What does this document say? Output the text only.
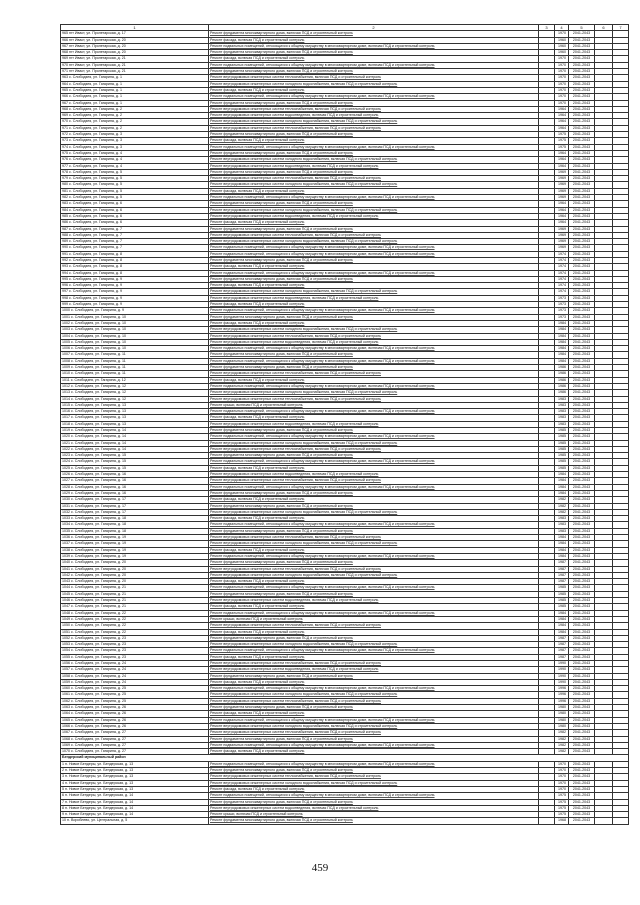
1	2	3	4	5	6	7
965 пгт Иваст, ул. Пролетарская, д. 17	Ремонт фундамента многоквартирного дома, включая ПСД и строительный контроль		1970	2041-2043		
966 пгт Иваст, ул. Пролетарская, д. 20	Ремонт фасада, включая ПСД и строительный контроль		1960	2041-2043		
967 пгт Иваст, ул. Пролетарская, д. 20	Ремонт подвальных помещений, относящихся к общему имуществу в многоквартирном доме, включая ПСД и строительный контроль		1960	2041-2043		
968 пгт Иваст, ул. Пролетарская, д. 20	Ремонт фундамента многоквартирного дома, включая ПСД и строительный контроль		1960	2041-2043		
969 пгт Иваст, ул. Пролетарская, д. 21	Ремонт фасада, включая ПСД и строительный контроль		1970	2041-2043		
970 пгт Иваст, ул. Пролетарская, д. 21	Ремонт подвальных помещений, относящихся к общему имуществу в многоквартирном доме, включая ПСД и строительный контроль		1970	2041-2043		
971 пгт Иваст, ул. Пролетарская, д. 21	Ремонт фундамента многоквартирного дома, включая ПСД и строительный контроль		1970	2041-2043		
963 с. Слободзея, ул. Гагарина, д. 1	Ремонт внутридомовых инженерных систем теплоснабжения, включая ПСД и строительный контроль		1970	2041-2043		
964 с. Слободзея, ул. Гагарина, д. 1	Ремонт внутридомовых инженерных систем холодного водоснабжения, включая ПСД и строительный контроль		1970	2041-2043		
965 с. Слободзея, ул. Гагарина, д. 1	Ремонт фасада, включая ПСД и строительный контроль		1970	2041-2043		
966 с. Слободзея, ул. Гагарина, д. 1	Ремонт подвальных помещений, относящихся к общему имуществу в многоквартирном доме, включая ПСД и строительный контроль		1970	2041-2043		
967 с. Слободзея, ул. Гагарина, д. 1	Ремонт фундамента многоквартирного дома, включая ПСД и строительный контроль		1970	2041-2043		
968 с. Слободзея, ул. Гагарина, д. 2	Ремонт внутридомовых инженерных систем теплоснабжения, включая ПСД и строительный контроль		1964	2041-2043		
969 с. Слободзея, ул. Гагарина, д. 2	Ремонт внутридомовых инженерных систем водоотведения, включая ПСД и строительный контроль		1964	2041-2043		
970 с. Слободзея, ул. Гагарина, д. 2	Ремонт внутридомовых инженерных систем холодного водоснабжения, включая ПСД и строительный контроль		1964	2041-2043		
971 с. Слободзея, ул. Гагарина, д. 2	Ремонт внутридомовых инженерных систем теплоснабжения, включая ПСД и строительный контроль		1964	2041-2043		
972 с. Слободзея, ул. Гагарина, д. 3	Ремонт фундамента многоквартирного дома, включая ПСД и строительный контроль		1975	2041-2043		
973 с. Слободзея, ул. Гагарина, д. 3	Ремонт фасада, включая ПСД и строительный контроль		1975	2041-2043		
974 с. Слободзея, ул. Гагарина, д. 3	Ремонт подвальных помещений, относящихся к общему имуществу в многоквартирном доме, включая ПСД и строительный контроль		1975	2041-2043		
975 с. Слободзея, ул. Гагарина, д. 4	Ремонт фундамента многоквартирного дома, включая ПСД и строительный контроль		1964	2041-2043		
976 с. Слободзея, ул. Гагарина, д. 4	Ремонт внутридомовых инженерных систем холодного водоснабжения, включая ПСД и строительный контроль		1964	2041-2043		
977 с. Слободзея, ул. Гагарина, д. 4	Ремонт внутридомовых инженерных систем водоотведения, включая ПСД и строительный контроль		1964	2041-2043		
978 с. Слободзея, ул. Гагарина, д. 5	Ремонт фундамента многоквартирного дома, включая ПСД и строительный контроль		1969	2041-2043		
979 с. Слободзея, ул. Гагарина, д. 5	Ремонт внутридомовых инженерных систем теплоснабжения, включая ПСД и строительный контроль		1969	2041-2043		
980 с. Слободзея, ул. Гагарина, д. 5	Ремонт внутридомовых инженерных систем холодного водоснабжения, включая ПСД и строительный контроль		1969	2041-2043		
981 с. Слободзея, ул. Гагарина, д. 5	Ремонт фасада, включая ПСД и строительный контроль		1969	2041-2043		
982 с. Слободзея, ул. Гагарина, д. 5	Ремонт подвальных помещений, относящихся к общему имуществу в многоквартирном доме, включая ПСД и строительный контроль		1969	2041-2043		
983 с. Слободзея, ул. Гагарина, д. 6	Ремонт фундамента многоквартирного дома, включая ПСД и строительный контроль		1964	2041-2043		
984 с. Слободзея, ул. Гагарина, д. 6	Ремонт внутридомовых инженерных систем холодного водоснабжения, включая ПСД и строительный контроль		1964	2041-2043		
985 с. Слободзея, ул. Гагарина, д. 6	Ремонт внутридомовых инженерных систем водоотведения, включая ПСД и строительный контроль		1964	2041-2043		
986 с. Слободзея, ул. Гагарина, д. 6	Ремонт фасада, включая ПСД и строительный контроль		1964	2041-2043		
987 с. Слободзея, ул. Гагарина, д. 7	Ремонт фундамента многоквартирного дома, включая ПСД и строительный контроль		1969	2041-2043		
988 с. Слободзея, ул. Гагарина, д. 7	Ремонт внутридомовых инженерных систем теплоснабжения, включая ПСД и строительный контроль		1969	2041-2043		
989 с. Слободзея, ул. Гагарина, д. 7	Ремонт внутридомовых инженерных систем холодного водоснабжения, включая ПСД и строительный контроль		1969	2041-2043		
990 с. Слободзея, ул. Гагарина, д. 7	Ремонт подвальных помещений, относящихся к общему имуществу в многоквартирном доме, включая ПСД и строительный контроль		1969	2041-2043		
991 с. Слободзея, ул. Гагарина, д. 8	Ремонт подвальных помещений, относящихся к общему имуществу в многоквартирном доме, включая ПСД и строительный контроль		1974	2041-2043		
992 с. Слободзея, ул. Гагарина, д. 8	Ремонт фундамента многоквартирного дома, включая ПСД и строительный контроль		1974	2041-2043		
993 с. Слободзея, ул. Гагарина, д. 8	Ремонт фасада, включая ПСД и строительный контроль		1974	2041-2043		
994 с. Слободзея, ул. Гагарина, д. 8	Ремонт подвальных помещений, относящихся к общему имуществу в многоквартирном доме, включая ПСД и строительный контроль		1974	2041-2043		
995 с. Слободзея, ул. Гагарина, д. 9	Ремонт фундамента многоквартирного дома, включая ПСД и строительный контроль		1974	2041-2043		
996 с. Слободзея, ул. Гагарина, д. 9	Ремонт фасада, включая ПСД и строительный контроль		1974	2041-2043		
997 с. Слободзея, ул. Гагарина, д. 9	Ремонт внутридомовых инженерных систем холодного водоснабжения, включая ПСД и строительный контроль		1974	2041-2043		
998 с. Слободзея, ул. Гагарина, д. 9	Ремонт внутридомовых инженерных систем водоотведения, включая ПСД и строительный контроль		1973	2041-2043		
999 с. Слободзея, ул. Гагарина, д. 9	Ремонт фасада, включая ПСД и строительный контроль		1973	2041-2043		
1000 с. Слободзея, ул. Гагарина, д. 9	Ремонт подвальных помещений, относящихся к общему имуществу в многоквартирном доме, включая ПСД и строительный контроль		1973	2041-2043		
1001 с. Слободзея, ул. Гагарина, д. 10	Ремонт фундамента многоквартирного дома, включая ПСД и строительный контроль		1973	2041-2043		
1002 с. Слободзея, ул. Гагарина, д. 10	Ремонт фасада, включая ПСД и строительный контроль		1984	2041-2043		
1003 с. Слободзея, ул. Гагарина, д. 10	Ремонт внутридомовых инженерных систем холодного водоснабжения, включая ПСД и строительный контроль		1984	2041-2043		
1004 с. Слободзея, ул. Гагарина, д. 10	Ремонт внутридомовых инженерных систем теплоснабжения, включая ПСД и строительный контроль		1984	2041-2043		
1005 с. Слободзея, ул. Гагарина, д. 10	Ремонт внутридомовых инженерных систем водоотведения, включая ПСД и строительный контроль		1984	2041-2043		
1006 с. Слободзея, ул. Гагарина, д. 10	Ремонт подвальных помещений, относящихся к общему имуществу в многоквартирном доме, включая ПСД и строительный контроль		1984	2041-2043		
1007 с. Слободзея, ул. Гагарина, д. 11	Ремонт фундамента многоквартирного дома, включая ПСД и строительный контроль		1984	2041-2043		
1008 с. Слободзея, ул. Гагарина, д. 11	Ремонт подвальных помещений, относящихся к общему имуществу в многоквартирном доме, включая ПСД и строительный контроль		1984	2041-2043		
1009 с. Слободзея, ул. Гагарина, д. 11	Ремонт фундамента многоквартирного дома, включая ПСД и строительный контроль		1986	2041-2043		
1010 с. Слободзея, ул. Гагарина, д. 11	Ремонт внутридомовых инженерных систем теплоснабжения, включая ПСД и строительный контроль		1986	2041-2043		
1011 с. Слободзея, ул. Гагарина, д. 12	Ремонт фасада, включая ПСД и строительный контроль		1986	2041-2043		
1012 с. Слободзея, ул. Гагарина, д. 12	Ремонт подвальных помещений, относящихся к общему имуществу в многоквартирном доме, включая ПСД и строительный контроль		1986	2041-2043		
1013 с. Слободзея, ул. Гагарина, д. 12	Ремонт внутридомовых инженерных систем холодного водоснабжения, включая ПСД и строительный контроль		1986	2041-2043		
1014 с. Слободзея, ул. Гагарина, д. 12	Ремонт внутридомовых инженерных систем теплоснабжения, включая ПСД и строительный контроль		1983	2041-2043		
1015 с. Слободзея, ул. Гагарина, д. 13	Ремонт крыши, включая ПСД и строительный контроль		1983	2041-2043		
1016 с. Слободзея, ул. Гагарина, д. 13	Ремонт подвальных помещений, относящихся к общему имуществу в многоквартирном доме, включая ПСД и строительный контроль		1983	2041-2043		
1017 с. Слободзея, ул. Гагарина, д. 13	Ремонт фасада, включая ПСД и строительный контроль		1983	2041-2043		
1018 с. Слободзея, ул. Гагарина, д. 13	Ремонт внутридомовых инженерных систем водоотведения, включая ПСД и строительный контроль		1983	2041-2043		
1019 с. Слободзея, ул. Гагарина, д. 14	Ремонт фундамента многоквартирного дома, включая ПСД и строительный контроль		1985	2041-2043		
1020 с. Слободзея, ул. Гагарина, д. 14	Ремонт подвальных помещений, относящихся к общему имуществу в многоквартирном доме, включая ПСД и строительный контроль		1985	2041-2043		
1021 с. Слободзея, ул. Гагарина, д. 14	Ремонт внутридомовых инженерных систем холодного водоснабжения, включая ПСД и строительный контроль		1985	2041-2043		
1022 с. Слободзея, ул. Гагарина, д. 14	Ремонт внутридомовых инженерных систем теплоснабжения, включая ПСД и строительный контроль		1985	2041-2043		
1023 с. Слободзея, ул. Гагарина, д. 15	Ремонт фундамента многоквартирного дома, включая ПСД и строительный контроль		1985	2041-2043		
1024 с. Слободзея, ул. Гагарина, д. 15	Ремонт подвальных помещений, относящихся к общему имуществу в многоквартирном доме, включая ПСД и строительный контроль		1985	2041-2043		
1025 с. Слободзея, ул. Гагарина, д. 15	Ремонт фасада, включая ПСД и строительный контроль		1985	2041-2043		
1026 с. Слободзея, ул. Гагарина, д. 16	Ремонт внутридомовых инженерных систем водоотведения, включая ПСД и строительный контроль		1984	2041-2043		
1027 с. Слободзея, ул. Гагарина, д. 16	Ремонт внутридомовых инженерных систем теплоснабжения, включая ПСД и строительный контроль		1984	2041-2043		
1028 с. Слободзея, ул. Гагарина, д. 16	Ремонт подвальных помещений, относящихся к общему имуществу в многоквартирном доме, включая ПСД и строительный контроль		1984	2041-2043		
1029 с. Слободзея, ул. Гагарина, д. 16	Ремонт фундамента многоквартирного дома, включая ПСД и строительный контроль		1984	2041-2043		
1030 с. Слободзея, ул. Гагарина, д. 17	Ремонт фасада, включая ПСД и строительный контроль		1982	2041-2043		
1031 с. Слободзея, ул. Гагарина, д. 17	Ремонт фундамента многоквартирного дома, включая ПСД и строительный контроль		1982	2041-2043		
1032 с. Слободзея, ул. Гагарина, д. 17	Ремонт внутридомовых инженерных систем холодного водоснабжения, включая ПСД и строительный контроль		1982	2041-2043		
1033 с. Слободзея, ул. Гагарина, д. 18	Ремонт фасада, включая ПСД и строительный контроль		1983	2041-2043		
1034 с. Слободзея, ул. Гагарина, д. 18	Ремонт подвальных помещений, относящихся к общему имуществу в многоквартирном доме, включая ПСД и строительный контроль		1983	2041-2043		
1035 с. Слободзея, ул. Гагарина, д. 18	Ремонт фундамента многоквартирного дома, включая ПСД и строительный контроль		1983	2041-2043		
1036 с. Слободзея, ул. Гагарина, д. 19	Ремонт внутридомовых инженерных систем теплоснабжения, включая ПСД и строительный контроль		1984	2041-2043		
1037 с. Слободзея, ул. Гагарина, д. 19	Ремонт внутридомовых инженерных систем холодного водоснабжения, включая ПСД и строительный контроль		1984	2041-2043		
1038 с. Слободзея, ул. Гагарина, д. 19	Ремонт фасада, включая ПСД и строительный контроль		1984	2041-2043		
1039 с. Слободзея, ул. Гагарина, д. 19	Ремонт подвальных помещений, относящихся к общему имуществу в многоквартирном доме, включая ПСД и строительный контроль		1984	2041-2043		
1040 с. Слободзея, ул. Гагарина, д. 20	Ремонт фундамента многоквартирного дома, включая ПСД и строительный контроль		1987	2041-2043		
1041 с. Слободзея, ул. Гагарина, д. 20	Ремонт внутридомовых инженерных систем теплоснабжения, включая ПСД и строительный контроль		1987	2041-2043		
1042 с. Слободзея, ул. Гагарина, д. 20	Ремонт внутридомовых инженерных систем холодного водоснабжения, включая ПСД и строительный контроль		1987	2041-2043		
1043 с. Слободзея, ул. Гагарина, д. 20	Ремонт фасада, включая ПСД и строительный контроль		1987	2041-2043		
1044 с. Слободзея, ул. Гагарина, д. 21	Ремонт подвальных помещений, относящихся к общему имуществу в многоквартирном доме, включая ПСД и строительный контроль		1985	2041-2043		
1045 с. Слободзея, ул. Гагарина, д. 21	Ремонт фундамента многоквартирного дома, включая ПСД и строительный контроль		1985	2041-2043		
1046 с. Слободзея, ул. Гагарина, д. 21	Ремонт внутридомовых инженерных систем водоотведения, включая ПСД и строительный контроль		1985	2041-2043		
1047 с. Слободзея, ул. Гагарина, д. 21	Ремонт фасада, включая ПСД и строительный контроль		1985	2041-2043		
1048 с. Слободзея, ул. Гагарина, д. 22	Ремонт подвальных помещений, относящихся к общему имуществу в многоквартирном доме, включая ПСД и строительный контроль		1984	2041-2043		
1049 с. Слободзея, ул. Гагарина, д. 22	Ремонт крыши, включая ПСД и строительный контроль		1984	2041-2043		
1050 с. Слободзея, ул. Гагарина, д. 22	Ремонт внутридомовых инженерных систем теплоснабжения, включая ПСД и строительный контроль		1984	2041-2043		
1051 с. Слободзея, ул. Гагарина, д. 22	Ремонт фасада, включая ПСД и строительный контроль		1984	2041-2043		
1052 с. Слободзея, ул. Гагарина, д. 23	Ремонт фундамента многоквартирного дома, включая ПСД и строительный контроль		1987	2041-2043		
1053 с. Слободзея, ул. Гагарина, д. 23	Ремонт внутридомовых инженерных систем холодного водоснабжения, включая ПСД и строительный контроль		1987	2041-2043		
1054 с. Слободзея, ул. Гагарина, д. 23	Ремонт подвальных помещений, относящихся к общему имуществу в многоквартирном доме, включая ПСД и строительный контроль		1987	2041-2043		
1055 с. Слободзея, ул. Гагарина, д. 23	Ремонт фасада, включая ПСД и строительный контроль		1987	2041-2043		
1056 с. Слободзея, ул. Гагарина, д. 24	Ремонт внутридомовых инженерных систем теплоснабжения, включая ПСД и строительный контроль		1990	2041-2043		
1057 с. Слободзея, ул. Гагарина, д. 24	Ремонт внутридомовых инженерных систем водоотведения, включая ПСД и строительный контроль		1990	2041-2043		
1058 с. Слободзея, ул. Гагарина, д. 24	Ремонт фундамента многоквартирного дома, включая ПСД и строительный контроль		1990	2041-2043		
1059 с. Слободзея, ул. Гагарина, д. 24	Ремонт фасада, включая ПСД и строительный контроль		1990	2041-2043		
1060 с. Слободзея, ул. Гагарина, д. 25	Ремонт подвальных помещений, относящихся к общему имуществу в многоквартирном доме, включая ПСД и строительный контроль		1996	2041-2043		
1061 с. Слободзея, ул. Гагарина, д. 25	Ремонт внутридомовых инженерных систем холодного водоснабжения, включая ПСД и строительный контроль		1996	2041-2043		
1062 с. Слободзея, ул. Гагарина, д. 25	Ремонт внутридомовых инженерных систем теплоснабжения, включая ПСД и строительный контроль		1996	2041-2043		
1063 с. Слободзея, ул. Гагарина, д. 26	Ремонт фундамента многоквартирного дома, включая ПСД и строительный контроль		1980	2041-2043		
1064 с. Слободзея, ул. Гагарина, д. 26	Ремонт фасада, включая ПСД и строительный контроль		1980	2041-2043		
1065 с. Слободзея, ул. Гагарина, д. 26	Ремонт подвальных помещений, относящихся к общему имуществу в многоквартирном доме, включая ПСД и строительный контроль		1980	2041-2043		
1066 с. Слободзея, ул. Гагарина, д. 26	Ремонт внутридомовых инженерных систем холодного водоснабжения, включая ПСД и строительный контроль		1980	2041-2043		
1067 с. Слободзея, ул. Гагарина, д. 27	Ремонт внутридомовых инженерных систем теплоснабжения, включая ПСД и строительный контроль		1982	2041-2043		
1068 с. Слободзея, ул. Гагарина, д. 27	Ремонт фундамента многоквартирного дома, включая ПСД и строительный контроль		1982	2041-2043		
1069 с. Слободзея, ул. Гагарина, д. 27	Ремонт подвальных помещений, относящихся к общему имуществу в многоквартирном доме, включая ПСД и строительный контроль		1982	2041-2043		
1070 с. Слободзея, ул. Гагарина, д. 27	Ремонт фасада, включая ПСД и строительный контроль		1982	2041-2043		
Бендерский муниципальный район						
1 п. Новое Бендеры, ул. Бендерская, д. 13	Ремонт подвальных помещений, относящихся к общему имуществу в многоквартирном доме, включая ПСД и строительный контроль		1970	2041-2043		
2 п. Новое Бендеры, ул. Бендерская, д. 13	Ремонт фундамента многоквартирного дома, включая ПСД и строительный контроль		1970	2041-2043		
3 п. Новое Бендеры, ул. Бендерская, д. 13	Ремонт внутридомовых инженерных систем теплоснабжения, включая ПСД и строительный контроль		1970	2041-2043		
4 п. Новое Бендеры, ул. Бендерская, д. 13	Ремонт внутридомовых инженерных систем холодного водоснабжения, включая ПСД и строительный контроль		1970	2041-2043		
5 п. Новое Бендеры, ул. Бендерская, д. 13	Ремонт фасада, включая ПСД и строительный контроль		1970	2041-2043		
6 п. Новое Бендеры, ул. Бендерская, д. 14	Ремонт подвальных помещений, относящихся к общему имуществу в многоквартирном доме, включая ПСД и строительный контроль		1975	2041-2043		
7 п. Новое Бендеры, ул. Бендерская, д. 14	Ремонт фундамента многоквартирного дома, включая ПСД и строительный контроль		1975	2041-2043		
8 п. Новое Бендеры, ул. Бендерская, д. 14	Ремонт внутридомовых инженерных систем водоотведения, включая ПСД и строительный контроль		1975	2041-2043		
9 п. Новое Бендеры, ул. Бендерская, д. 14	Ремонт крыши, включая ПСД и строительный контроль		1975	2041-2043		
10 п. Вороблево, ул. Центральная, д. 5	Ремонт фундамента многоквартирного дома, включая ПСД и строительный контроль		1968	2041-2043		
459
